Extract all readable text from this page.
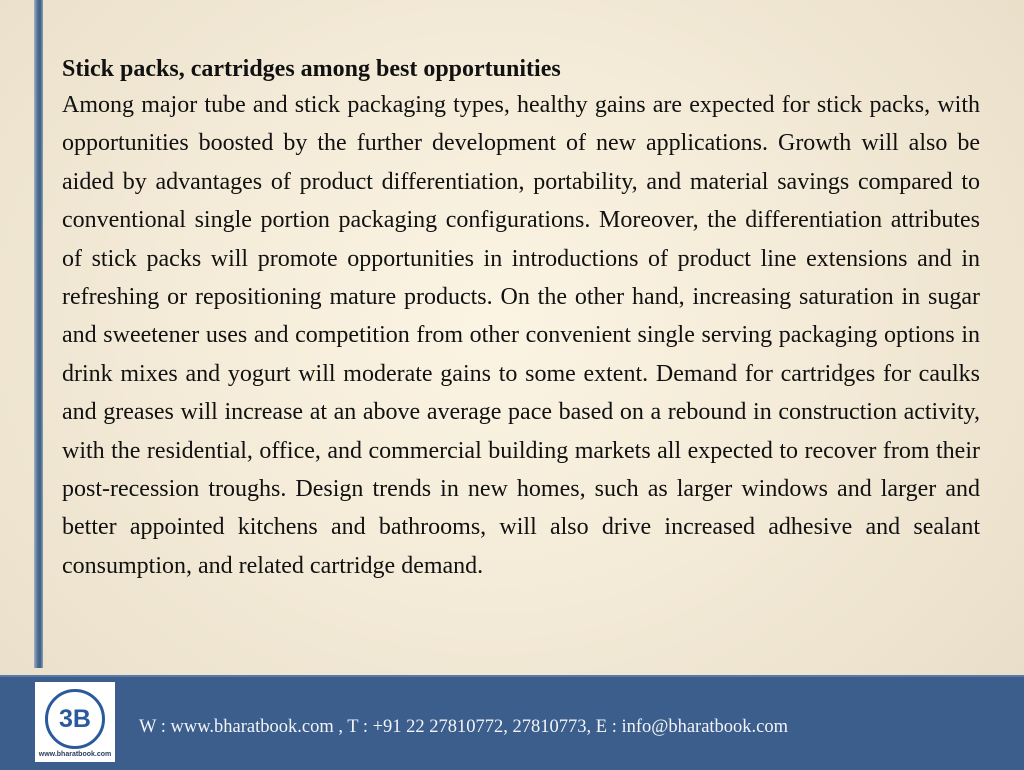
Stick packs, cartridges among best opportunities

Among major tube and stick packaging types, healthy gains are expected for stick packs, with opportunities boosted by the further development of new applications. Growth will also be aided by advantages of product differentiation, portability, and material savings compared to conventional single portion packaging configurations. Moreover, the differentiation attributes of stick packs will promote opportunities in introductions of product line extensions and in refreshing or repositioning mature products. On the other hand, increasing saturation in sugar and sweetener uses and competition from other convenient single serving packaging options in drink mixes and yogurt will moderate gains to some extent. Demand for cartridges for caulks and greases will increase at an above average pace based on a rebound in construction activity, with the residential, office, and commercial building markets all expected to recover from their post-recession troughs. Design trends in new homes, such as larger windows and larger and better appointed kitchens and bathrooms, will also drive increased adhesive and sealant consumption, and related cartridge demand.

3B
www.bharatbook.com
W : www.bharatbook.com , T : +91 22 27810772, 27810773, E : info@bharatbook.com
